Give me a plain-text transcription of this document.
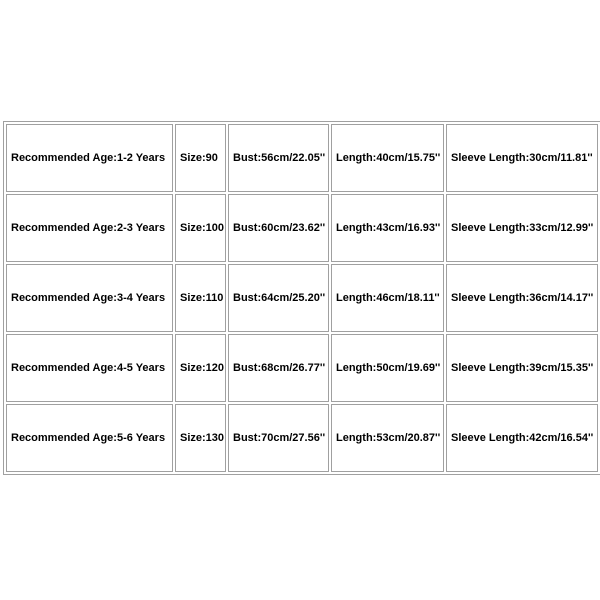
Recommended Age:1-2 Years	Size:90	Bust:56cm/22.05''	Length:40cm/15.75''	Sleeve Length:30cm/11.81''
Recommended Age:2-3 Years	Size:100	Bust:60cm/23.62''	Length:43cm/16.93''	Sleeve Length:33cm/12.99''
Recommended Age:3-4 Years	Size:110	Bust:64cm/25.20''	Length:46cm/18.11''	Sleeve Length:36cm/14.17''
Recommended Age:4-5 Years	Size:120	Bust:68cm/26.77''	Length:50cm/19.69''	Sleeve Length:39cm/15.35''
Recommended Age:5-6 Years	Size:130	Bust:70cm/27.56''	Length:53cm/20.87''	Sleeve Length:42cm/16.54''
